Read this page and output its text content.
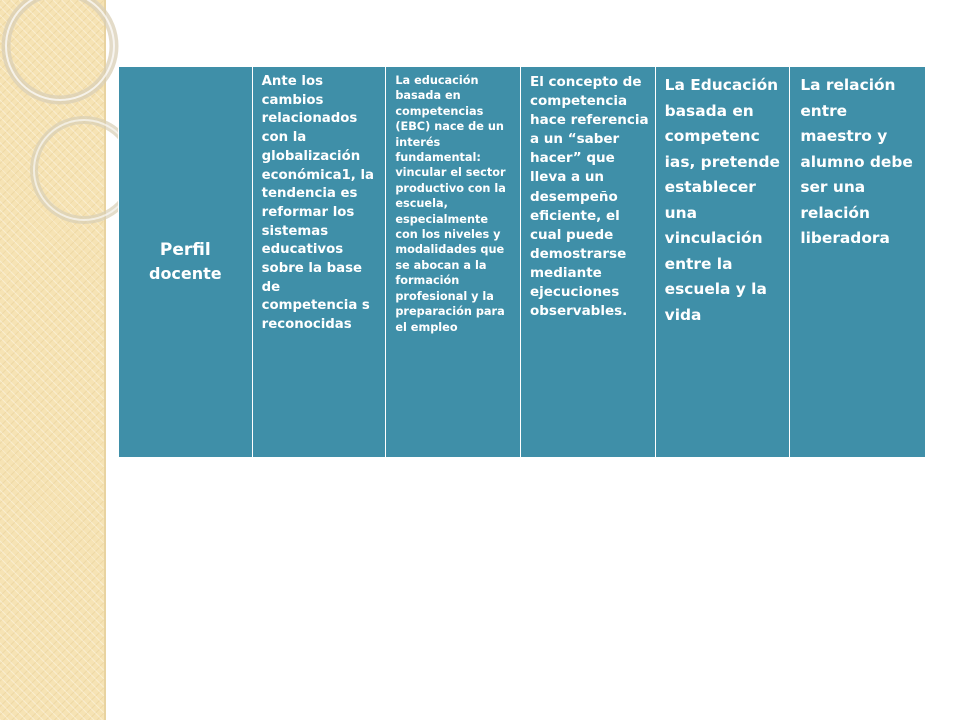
Perfil
docente
Ante los cambios relacionados con la globalización económica1, la tendencia es reformar los sistemas educativos sobre la base de competencia s reconocidas
La educación basada en competencias (EBC) nace de un interés fundamental: vincular el sector productivo con la escuela, especialmente con los niveles y modalidades que se abocan a la formación profesional y la preparación para el empleo
El concepto de competencia hace referencia a un “saber hacer” que lleva a un desempeño eficiente, el cual puede demostrarse mediante ejecuciones observables.
La Educación basada en competenc ias, pretende establecer una vinculación entre la escuela y la vida
La relación entre maestro y alumno debe ser una relación liberadora
